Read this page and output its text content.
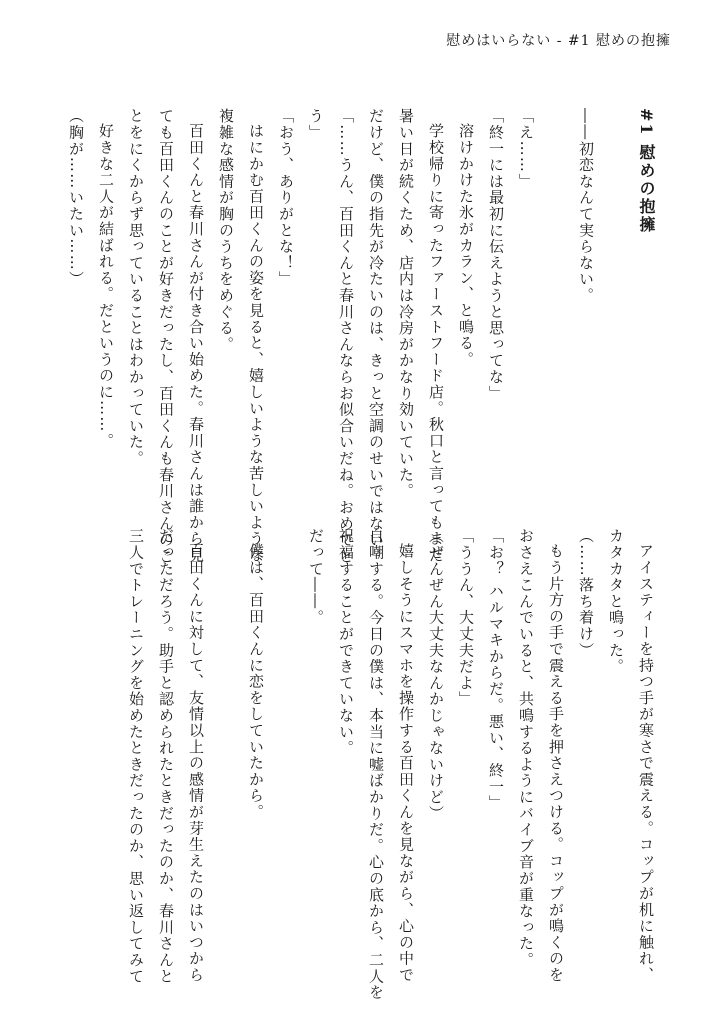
慰めはいらない - #1 慰めの抱擁
#1 慰めの抱擁
――初恋なんて実らない。
「え……」
「終一には最初に伝えようと思ってな」
溶けかけた氷がカラン、と鳴る。
学校帰りに寄ったファーストフード店。秋口と言ってもまだ
暑い日が続くため、店内は冷房がかなり効いていた。
だけど、僕の指先が冷たいのは、きっと空調のせいではない。
「……うん、百田くんと春川さんならお似合いだね。おめでと
う」
「おう、ありがとな！」
はにかむ百田くんの姿を見ると、嬉しいような苦しいような
複雑な感情が胸のうちをめぐる。
百田くんと春川さんが付き合い始めた。春川さんは誰から見
ても百田くんのことが好きだったし、百田くんも春川さんのこ
とをにくからず思っていることはわかっていた。
好きな二人が結ばれる。だというのに……。
（胸が……いたい……）
アイスティーを持つ手が寒さで震える。コップが机に触れ、
カタカタと鳴った。
（……落ち着け）
もう片方の手で震える手を押さえつける。コップが鳴くのを
おさえこんでいると、共鳴するようにバイブ音が重なった。
「お？ ハルマキからだ。悪い、終一」
「ううん、大丈夫だよ」
（ぜんぜん大丈夫なんかじゃないけど）
嬉しそうにスマホを操作する百田くんを見ながら、心の中で
自嘲する。今日の僕は、本当に嘘ばかりだ。心の底から、二人を
祝福することができていない。
だって――。
僕は、百田くんに恋をしていたから。
百田くんに対して、友情以上の感情が芽生えたのはいつから
だっただろう。助手と認められたときだったのか、春川さんと
三人でトレーニングを始めたときだったのか、思い返してみて
